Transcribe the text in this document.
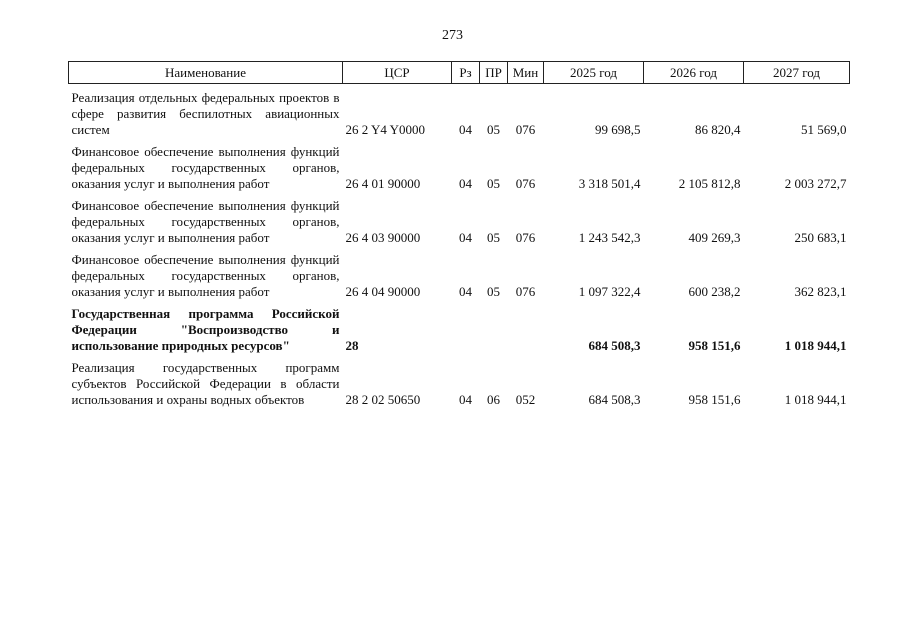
273
Наименование	ЦСР	Рз	ПР	Мин	2025 год	2026 год	2027 год
Реализация отдельных федеральных проектов в сфере развития беспилотных авиационных систем	26 2 Y4 Y0000	04	05	076	99 698,5	86 820,4	51 569,0
Финансовое обеспечение выполнения функций федеральных государственных органов, оказания услуг и выполнения работ	26 4 01 90000	04	05	076	3 318 501,4	2 105 812,8	2 003 272,7
Финансовое обеспечение выполнения функций федеральных государственных органов, оказания услуг и выполнения работ	26 4 03 90000	04	05	076	1 243 542,3	409 269,3	250 683,1
Финансовое обеспечение выполнения функций федеральных государственных органов, оказания услуг и выполнения работ	26 4 04 90000	04	05	076	1 097 322,4	600 238,2	362 823,1
Государственная программа Российской Федерации "Воспроизводство и использование природных ресурсов"	28				684 508,3	958 151,6	1 018 944,1
Реализация государственных программ субъектов Российской Федерации в области использования и охраны водных объектов	28 2 02 50650	04	06	052	684 508,3	958 151,6	1 018 944,1
